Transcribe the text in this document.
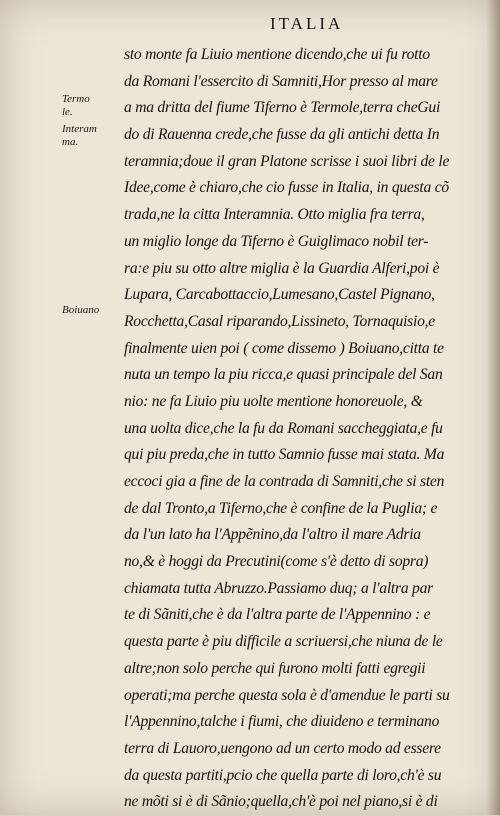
ITALIA
Termo
le.
Interam
ma.
Boiuano
sto monte fa Liuio mentione dicendo,che ui fu rotto
da Romani l'essercito di Samniti,Hor presso al mare
a ma dritta del fiume Tiferno è Termole,terra cheGui
do di Rauenna crede,che fusse da gli antichi detta In
teramnia;doue il gran Platone scrisse i suoi libri de le
Idee,come è chiaro,che cio fusse in Italia, in questa cõ
trada,ne la citta Interamnia. Otto miglia fra terra,
un miglio longe da Tiferno è Guiglimaco nobil ter-
ra:e piu su otto altre miglia è la Guardia Alferi,poi è
Lupara, Carcabottaccio,Lumesano,Castel Pignano,
Rocchetta,Casal riparando,Lissineto, Tornaquisio,e
finalmente uien poi ( come dissemo ) Boiuano,citta te
nuta un tempo la piu ricca,e quasi principale del San
nio: ne fa Liuio piu uolte mentione honoreuole, &
una uolta dice,che la fu da Romani saccheggiata,e fu
qui piu preda,che in tutto Samnio fusse mai stata. Ma
eccoci gia a fine de la contrada di Samniti,che si sten
de dal Tronto,a Tiferno,che è confine de la Puglia; e
da l'un lato ha l'Appẽnino,da l'altro il mare Adria
no,& è hoggi da Precutini(come s'è detto di sopra)
chiamata tutta Abruzzo.Passiamo duq; a l'altra par
te di Sãniti,che è da l'altra parte de l'Appennino : e
questa parte è piu difficile a scriuersi,che niuna de le
altre;non solo perche qui furono molti fatti egregii
operati;ma perche questa sola è d'amendue le parti su
l'Appennino,talche i fiumi, che diuideno e terminano
terra di Lauoro,uengono ad un certo modo ad essere
da questa partiti,pcio che quella parte di loro,ch'è su
ne mõti si è di Sãnio;quella,ch'è poi nel piano,si è di
